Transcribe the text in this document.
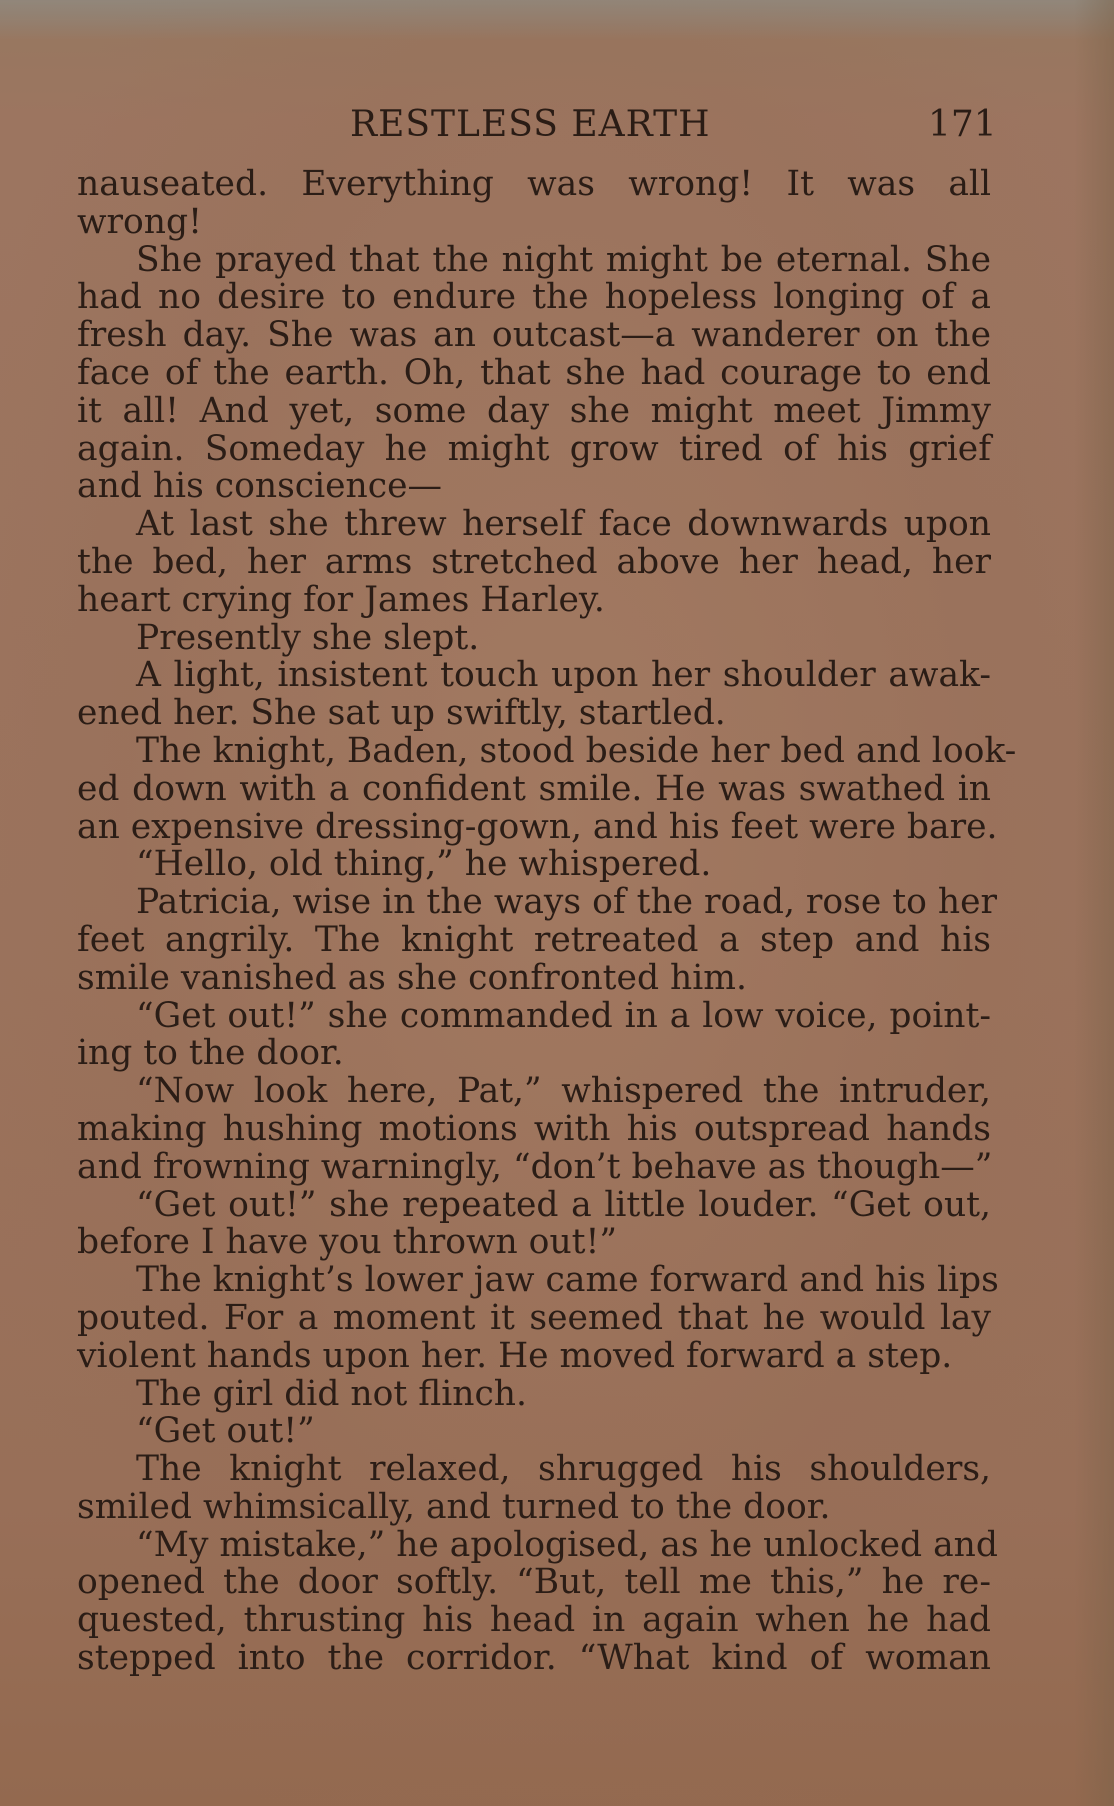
RESTLESS EARTH	171
nauseated. Everything was wrong! It was all
wrong!
She prayed that the night might be eternal. She
had no desire to endure the hopeless longing of a
fresh day. She was an outcast—a wanderer on the
face of the earth. Oh, that she had courage to end
it all! And yet, some day she might meet Jimmy
again. Someday he might grow tired of his grief
and his conscience—
At last she threw herself face downwards upon
the bed, her arms stretched above her head, her
heart crying for James Harley.
Presently she slept.
A light, insistent touch upon her shoulder awak-
ened her. She sat up swiftly, startled.
The knight, Baden, stood beside her bed and look-
ed down with a confident smile. He was swathed in
an expensive dressing-gown, and his feet were bare.
“Hello, old thing,” he whispered.
Patricia, wise in the ways of the road, rose to her
feet angrily. The knight retreated a step and his
smile vanished as she confronted him.
“Get out!” she commanded in a low voice, point-
ing to the door.
“Now look here, Pat,” whispered the intruder,
making hushing motions with his outspread hands
and frowning warningly, “don’t behave as though—”
“Get out!” she repeated a little louder. “Get out,
before I have you thrown out!”
The knight’s lower jaw came forward and his lips
pouted. For a moment it seemed that he would lay
violent hands upon her. He moved forward a step.
The girl did not flinch.
“Get out!”
The knight relaxed, shrugged his shoulders,
smiled whimsically, and turned to the door.
“My mistake,” he apologised, as he unlocked and
opened the door softly. “But, tell me this,” he re-
quested, thrusting his head in again when he had
stepped into the corridor. “What kind of woman
